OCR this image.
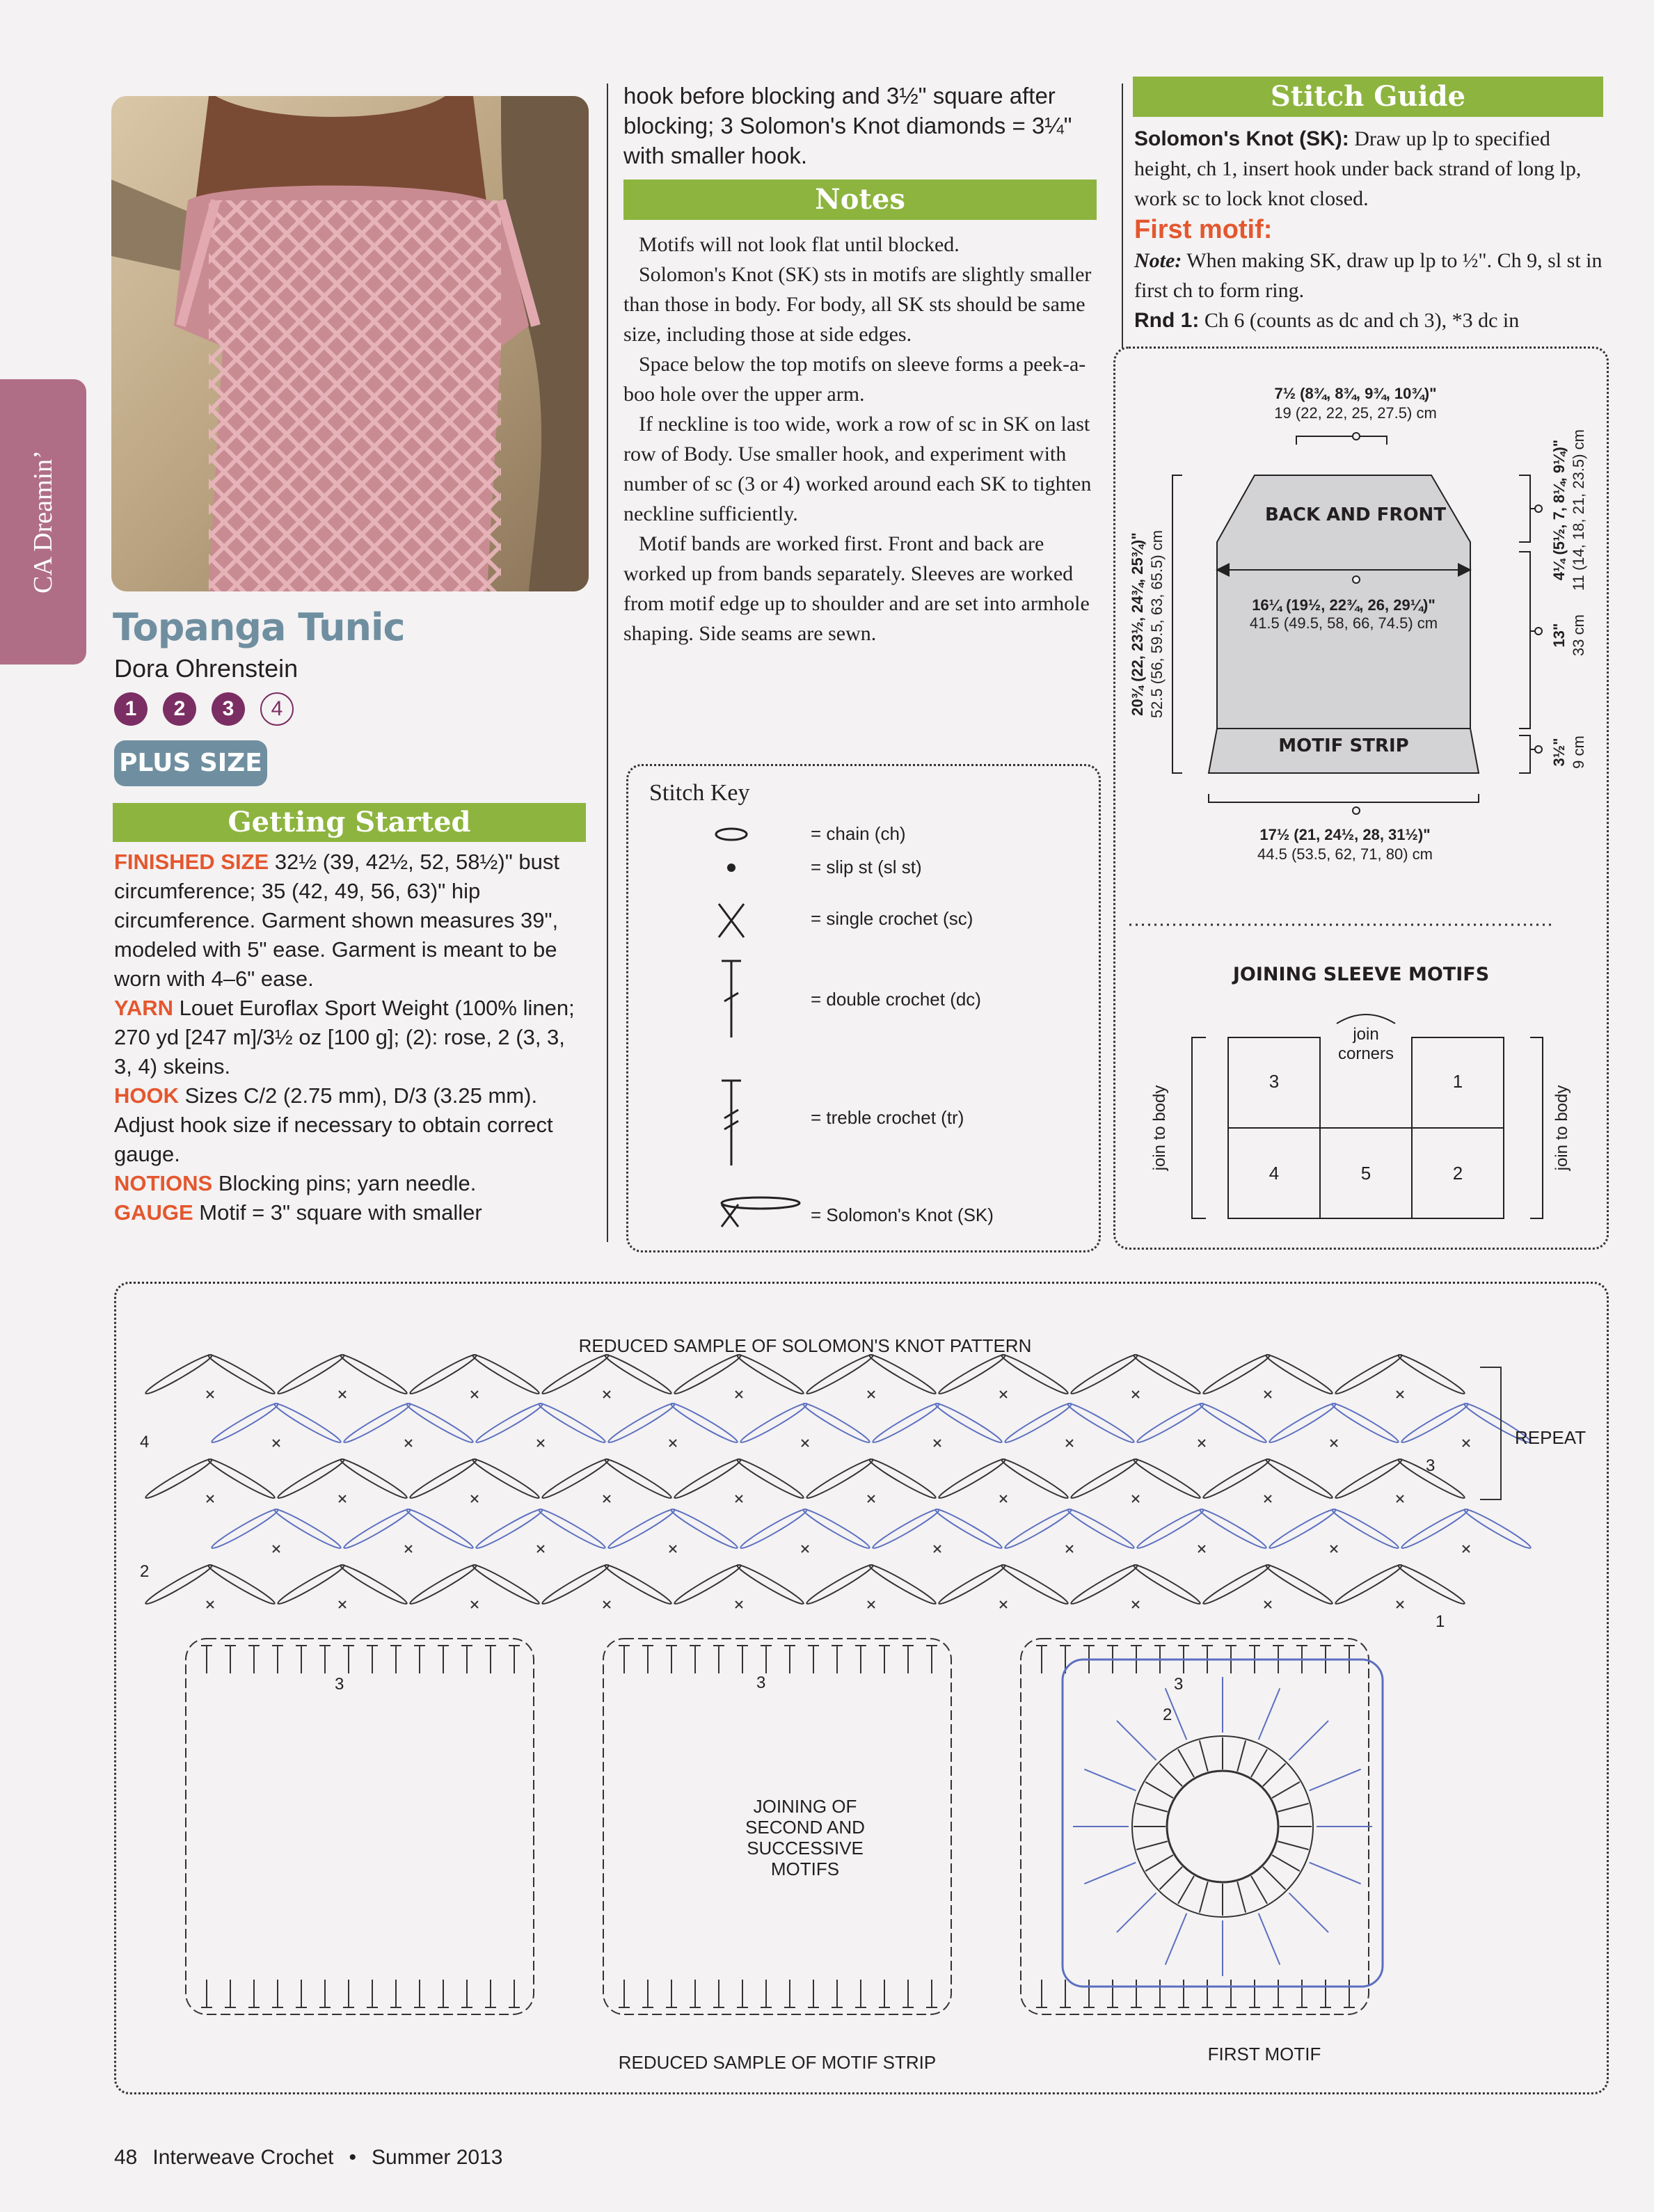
CA Dreamin’
Topanga Tunic
Dora Ohrenstein
1	2	3	4
PLUS SIZE
Getting Started

FINISHED SIZE 32½ (39, 42½, 52, 58½)" bust circumference; 35 (42, 49, 56, 63)" hip circumference. Garment shown measures 39", modeled with 5" ease. Garment is meant to be worn with 4–6" ease.

YARN Louet Euroflax Sport Weight (100% linen; 270 yd [247 m]/3½ oz [100 g]; (2): rose, 2 (3, 3, 3, 4) skeins.

HOOK Sizes C/2 (2.75 mm), D/3 (3.25 mm). Adjust hook size if necessary to obtain correct gauge.

NOTIONS Blocking pins; yarn needle.

GAUGE Motif = 3" square with smaller

hook before blocking and 3½" square after blocking; 3 Solomon's Knot diamonds = 3¼" with smaller hook.
Notes

Motifs will not look flat until blocked.

Solomon's Knot (SK) sts in motifs are slightly smaller than those in body. For body, all SK sts should be same size, including those at side edges.

Space below the top motifs on sleeve forms a peek-a-boo hole over the upper arm.

If neckline is too wide, work a row of sc in SK on last row of Body. Use smaller hook, and experiment with number of sc (3 or 4) worked around each SK to tighten neckline sufficiently.

Motif bands are worked first. Front and back are worked up from bands separately. Sleeves are worked from motif edge up to shoulder and are set into armhole shaping. Side seams are sewn.

Stitch Key
= chain (ch)
= slip st (sl st)
= single crochet (sc)
= double crochet (dc)
= treble crochet (tr)
= Solomon's Knot (SK)
Stitch Guide

Solomon's Knot (SK): Draw up lp to specified height, ch 1, insert hook under back strand of long lp, work sc to lock knot closed.

First motif:

Note: When making SK, draw up lp to ½". Ch 9, sl st in first ch to form ring.

Rnd 1: Ch 6 (counts as dc and ch 3), *3 dc in

7½ (8¾, 8¾, 9¾, 10¾)"
19 (22, 22, 25, 27.5) cm
BACK AND FRONT
16¼ (19½, 22¾, 26, 29¼)"
41.5 (49.5, 58, 66, 74.5) cm
MOTIF STRIP
17½ (21, 24½, 28, 31½)"
44.5 (53.5, 62, 71, 80) cm
20¾ (22, 23½, 24¾, 25¾)" 52.5 (56, 59.5, 63, 65.5) cm
4¼ (5½, 7, 8¼, 9¼)" 11 (14, 18, 21, 23.5) cm
13" 33 cm
3½" 9 cm
JOINING SLEEVE MOTIFS
join
corners
join to body	join to body
3	1
4	5	2
REDUCED SAMPLE OF SOLOMON'S KNOT PATTERN
REPEAT
4
2
3
1
3	3	3
2
JOINING OF SECOND AND SUCCESSIVE MOTIFS
REDUCED SAMPLE OF MOTIF STRIP	FIRST MOTIF
48 Interweave Crochet • Summer 2013
